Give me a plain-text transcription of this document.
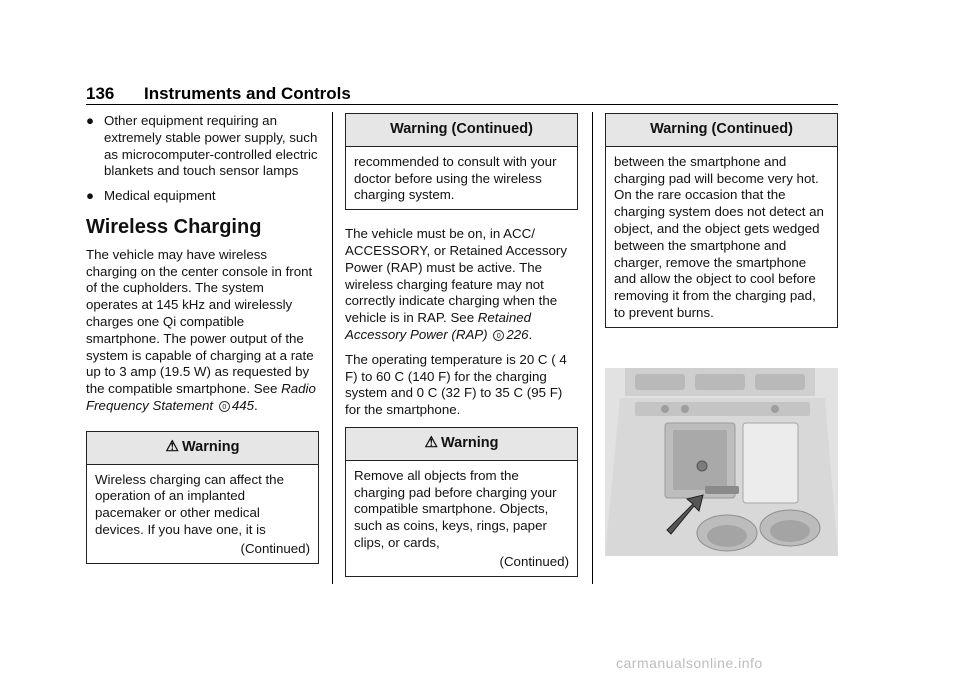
136 Instruments and Controls
● Other equipment requiring an extremely stable power supply, such as microcomputer-controlled electric blankets and touch sensor lamps
● Medical equipment
Wireless Charging

The vehicle may have wireless charging on the center console in front of the cupholders. The system operates at 145 kHz and wirelessly charges one Qi compatible smartphone. The power output of the system is capable of charging at a rate up to 3 amp (19.5 W) as requested by the compatible smartphone. See Radio Frequency Statement 0 445.

⚠ Warning

Wireless charging can affect the operation of an implanted pacemaker or other medical devices. If you have one, it is

(Continued)
Warning (Continued)

recommended to consult with your doctor before using the wireless charging system.

The vehicle must be on, in ACC/ ACCESSORY, or Retained Accessory Power (RAP) must be active. The wireless charging feature may not correctly indicate charging when the vehicle is in RAP. See Retained Accessory Power (RAP) 0 226.

The operating temperature is 20 C ( 4 F) to 60 C (140 F) for the charging system and 0 C (32 F) to 35 C (95 F) for the smartphone.

⚠ Warning

Remove all objects from the charging pad before charging your compatible smartphone. Objects, such as coins, keys, rings, paper clips, or cards,

(Continued)
Warning (Continued)

between the smartphone and charging pad will become very hot. On the rare occasion that the charging system does not detect an object, and the object gets wedged between the smartphone and charger, remove the smartphone and allow the object to cool before removing it from the charging pad, to prevent burns.

carmanualsonline.info
